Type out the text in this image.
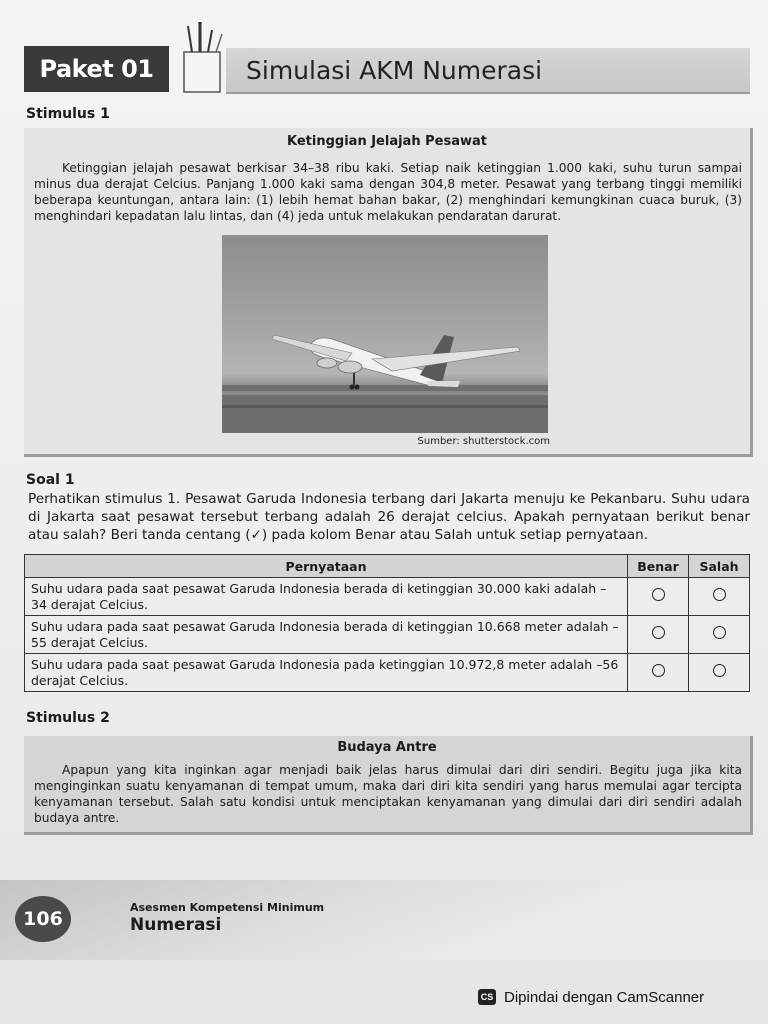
Paket 01	Simulasi AKM Numerasi
Stimulus 1
Ketinggian Jelajah Pesawat
Ketinggian jelajah pesawat berkisar 34–38 ribu kaki. Setiap naik ketinggian 1.000 kaki, suhu turun sampai minus dua derajat Celcius. Panjang 1.000 kaki sama dengan 304,8 meter. Pesawat yang terbang tinggi memiliki beberapa keuntungan, antara lain: (1) lebih hemat bahan bakar, (2) menghindari kemungkinan cuaca buruk, (3) menghindari kepadatan lalu lintas, dan (4) jeda untuk melakukan pendaratan darurat.
Sumber: shutterstock.com
Soal 1
Perhatikan stimulus 1. Pesawat Garuda Indonesia terbang dari Jakarta menuju ke Pekanbaru. Suhu udara di Jakarta saat pesawat tersebut terbang adalah 26 derajat celcius. Apakah pernyataan berikut benar atau salah? Beri tanda centang (✓) pada kolom Benar atau Salah untuk setiap pernyataan.
Pernyataan	Benar	Salah
Suhu udara pada saat pesawat Garuda Indonesia berada di ketinggian 30.000 kaki adalah –34 derajat Celcius.		
Suhu udara pada saat pesawat Garuda Indonesia berada di ketinggian 10.668 meter adalah –55 derajat Celcius.		
Suhu udara pada saat pesawat Garuda Indonesia pada ketinggian 10.972,8 meter adalah –56 derajat Celcius.		
Stimulus 2
Budaya Antre
Apapun yang kita inginkan agar menjadi baik jelas harus dimulai dari diri sendiri. Begitu juga jika kita menginginkan suatu kenyamanan di tempat umum, maka dari diri kita sendiri yang harus memulai agar tercipta kenyamanan tersebut. Salah satu kondisi untuk menciptakan kenyamanan yang dimulai dari diri sendiri adalah budaya antre.
106
Asesmen Kompetensi Minimum
Numerasi
CS Dipindai dengan CamScanner
